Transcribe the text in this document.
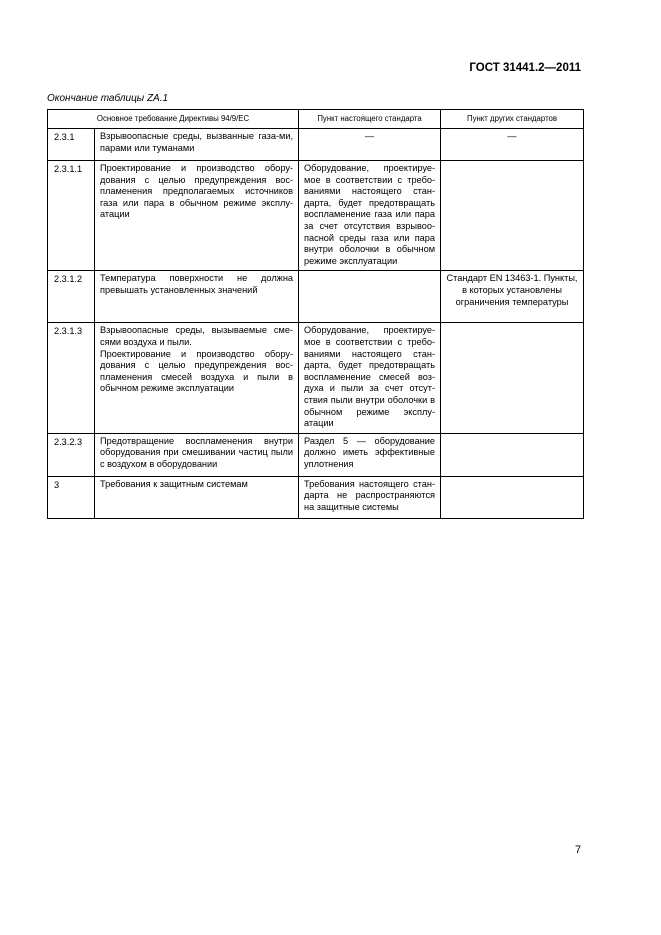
ГОСТ 31441.2—2011
Окончание таблицы ZA.1
Основное требование Директивы 94/9/ЕС		Пункт настоящего стандарта	Пункт других стандартов
2.3.1	Взрывоопасные среды, вызванные газа-ми, парами или туманами	—	—
2.3.1.1	Проектирование и производство обору-дования с целью предупреждения вос-пламенения предполагаемых источников газа или пара в обычном режиме эксплу-атации	Оборудование, проектируе-мое в соответствии с требо-ваниями настоящего стан-дарта, будет предотвращать воспламенение газа или пара за счет отсутствия взрывоо-пасной среды газа или пара внутри оболочки в обычном режиме эксплуатации	
2.3.1.2	Температура поверхности не должна превышать установленных значений		Стандарт EN 13463-1. Пункты, в которых установлены ограничения температуры
2.3.1.3	Взрывоопасные среды, вызываемые сме-сями воздуха и пыли.
Проектирование и производство обору-дования с целью предупреждения вос-пламенения смесей воздуха и пыли в обычном режиме эксплуатации	Оборудование, проектируе-мое в соответствии с требо-ваниями настоящего стан-дарта, будет предотвращать воспламенение смесей воз-духа и пыли за счет отсут-ствия пыли внутри оболочки в обычном режиме эксплу-атации	
2.3.2.3	Предотвращение воспламенения внутри оборудования при смешивании частиц пыли с воздухом в оборудовании	Раздел 5 — оборудование должно иметь эффективные уплотнения	
3	Требования к защитным системам	Требования настоящего стан-дарта не распространяются на защитные системы	
7
